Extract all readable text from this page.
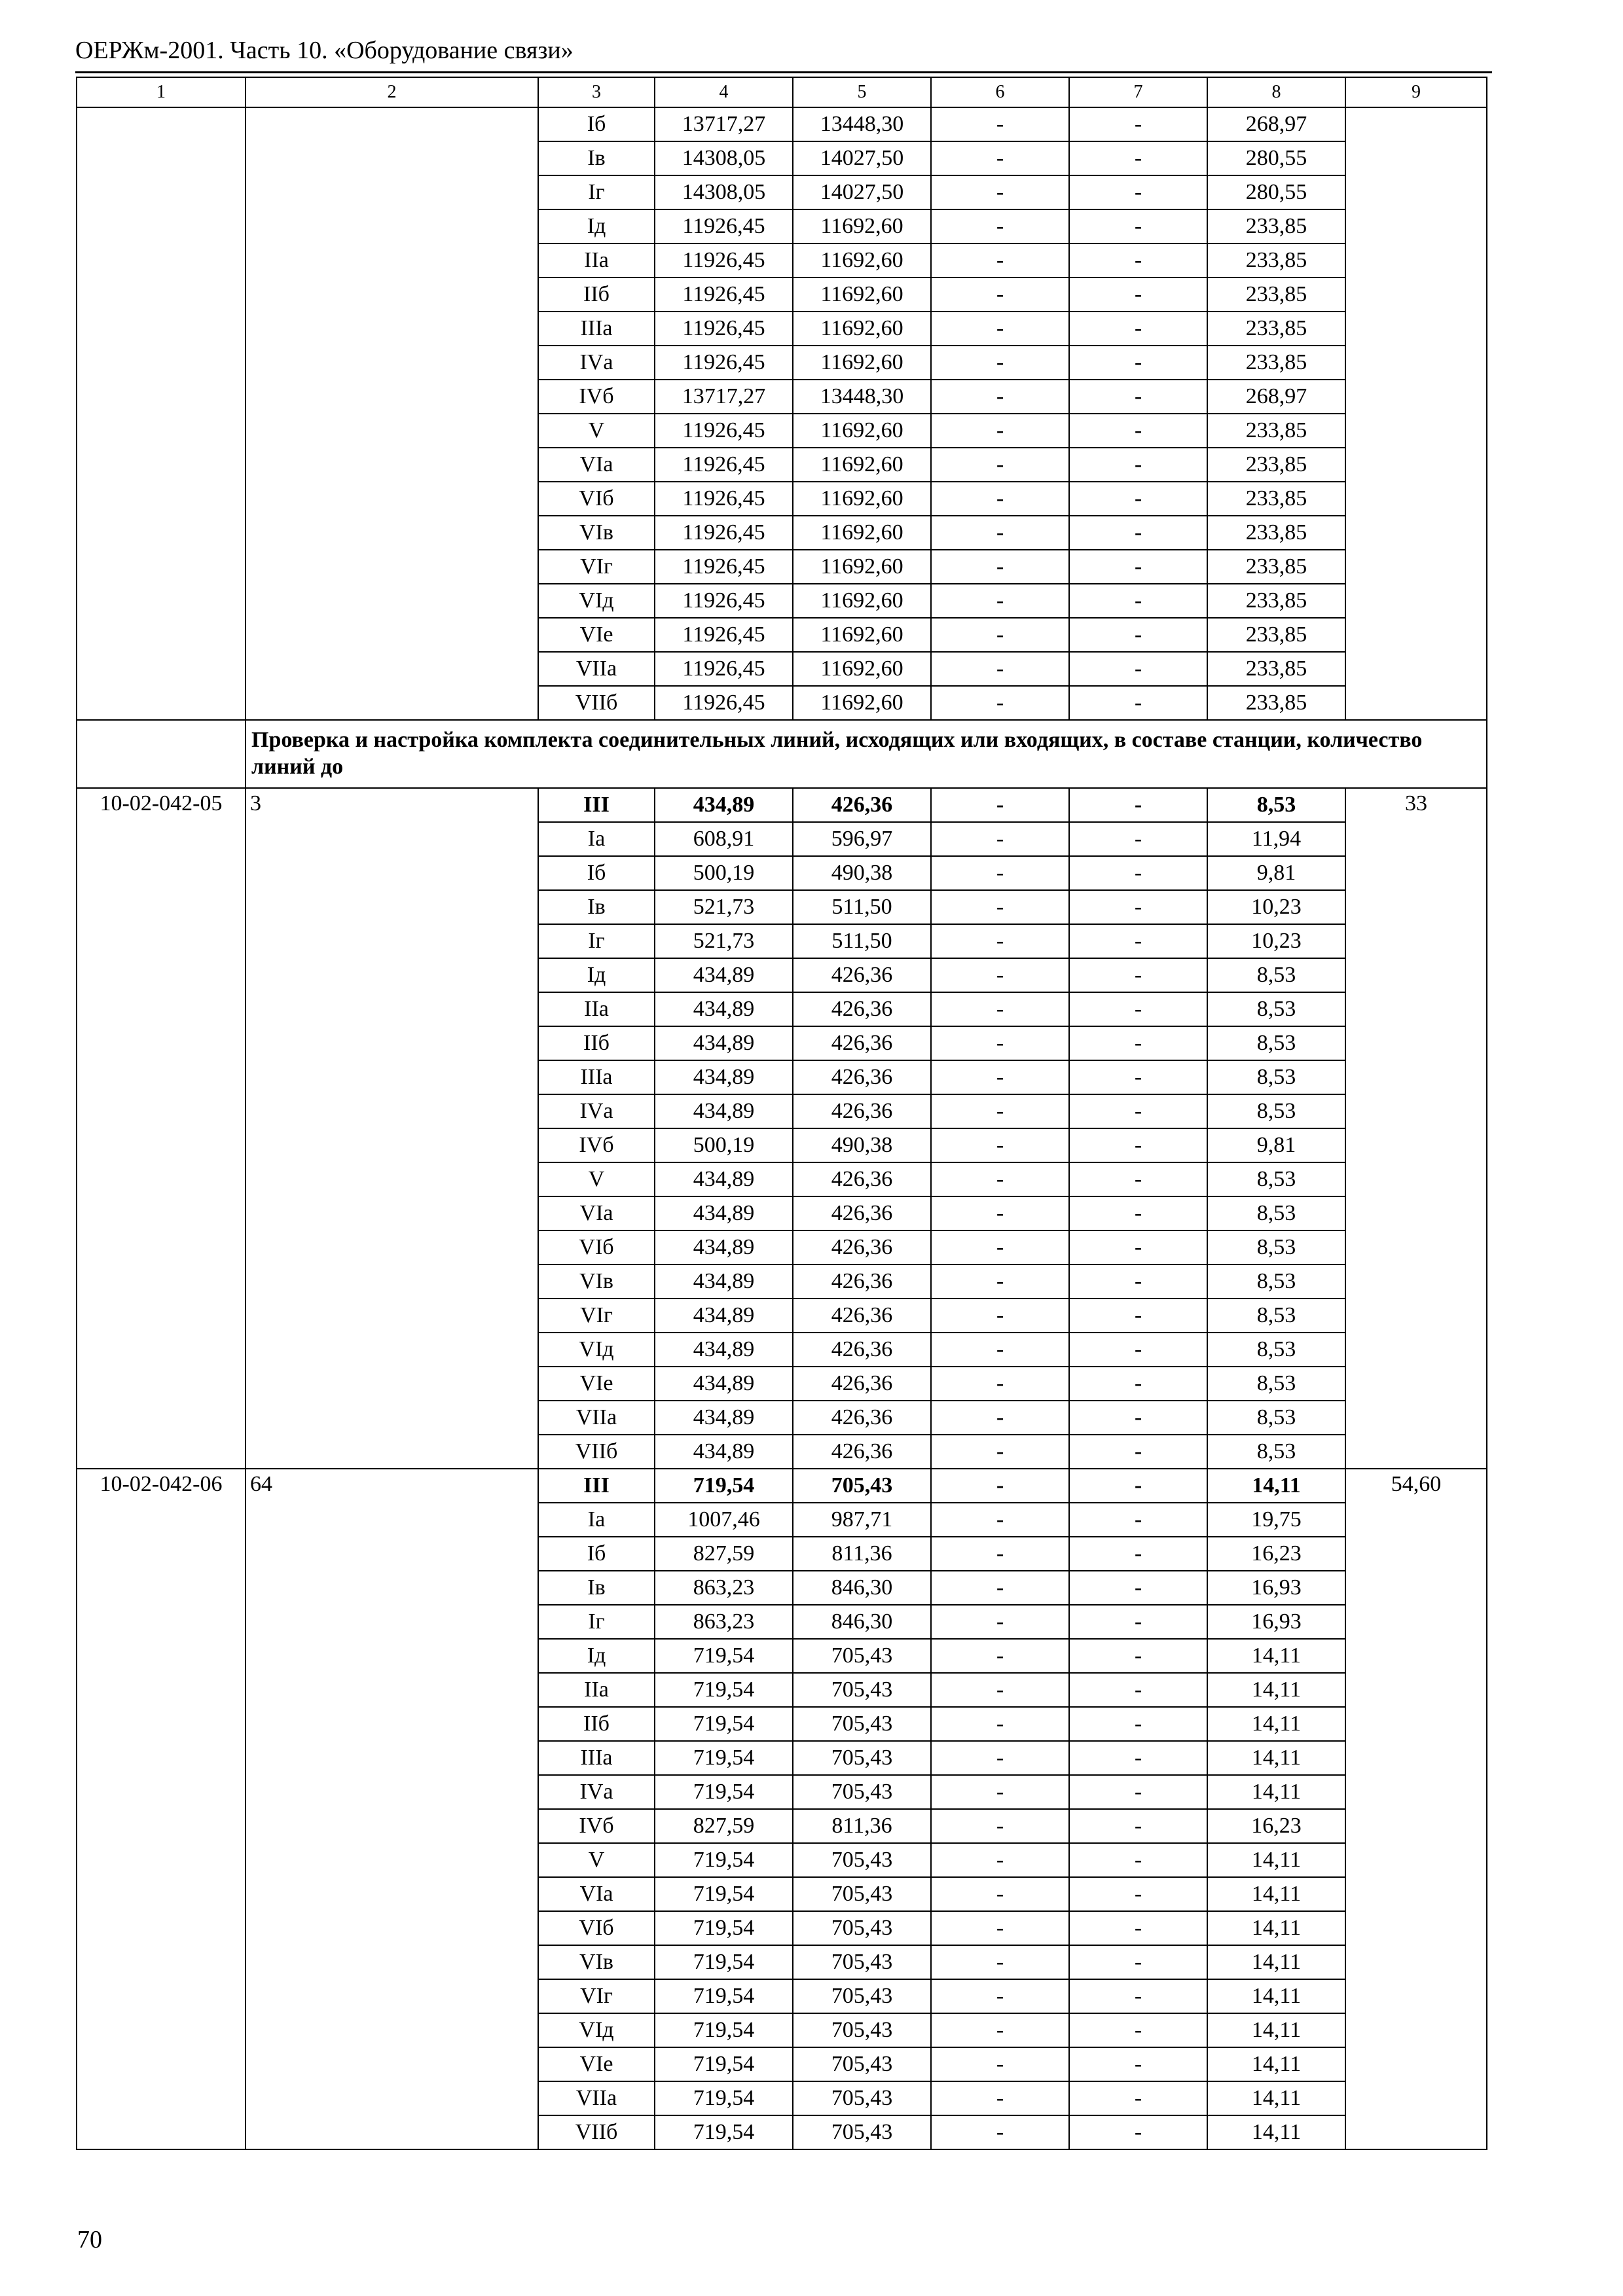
ОЕРЖм-2001. Часть 10. «Оборудование связи»
1	2	3	4	5	6	7	8	9
		Iб	13717,27	13448,30	-	-	268,97	
		Iв	14308,05	14027,50	-	-	280,55	
		Iг	14308,05	14027,50	-	-	280,55	
		Iд	11926,45	11692,60	-	-	233,85	
		IIа	11926,45	11692,60	-	-	233,85	
		IIб	11926,45	11692,60	-	-	233,85	
		IIIа	11926,45	11692,60	-	-	233,85	
		IVа	11926,45	11692,60	-	-	233,85	
		IVб	13717,27	13448,30	-	-	268,97	
		V	11926,45	11692,60	-	-	233,85	
		VIа	11926,45	11692,60	-	-	233,85	
		VIб	11926,45	11692,60	-	-	233,85	
		VIв	11926,45	11692,60	-	-	233,85	
		VIг	11926,45	11692,60	-	-	233,85	
		VIд	11926,45	11692,60	-	-	233,85	
		VIе	11926,45	11692,60	-	-	233,85	
		VIIа	11926,45	11692,60	-	-	233,85	
		VIIб	11926,45	11692,60	-	-	233,85	
	Проверка и настройка комплекта соединительных линий, исходящих или входящих, в составе станции, количество линий до							
10-02-042-05	3	III	434,89	426,36	-	-	8,53	33
		Iа	608,91	596,97	-	-	11,94	
		Iб	500,19	490,38	-	-	9,81	
		Iв	521,73	511,50	-	-	10,23	
		Iг	521,73	511,50	-	-	10,23	
		Iд	434,89	426,36	-	-	8,53	
		IIа	434,89	426,36	-	-	8,53	
		IIб	434,89	426,36	-	-	8,53	
		IIIа	434,89	426,36	-	-	8,53	
		IVа	434,89	426,36	-	-	8,53	
		IVб	500,19	490,38	-	-	9,81	
		V	434,89	426,36	-	-	8,53	
		VIа	434,89	426,36	-	-	8,53	
		VIб	434,89	426,36	-	-	8,53	
		VIв	434,89	426,36	-	-	8,53	
		VIг	434,89	426,36	-	-	8,53	
		VIд	434,89	426,36	-	-	8,53	
		VIе	434,89	426,36	-	-	8,53	
		VIIа	434,89	426,36	-	-	8,53	
		VIIб	434,89	426,36	-	-	8,53	
10-02-042-06	64	III	719,54	705,43	-	-	14,11	54,60
		Iа	1007,46	987,71	-	-	19,75	
		Iб	827,59	811,36	-	-	16,23	
		Iв	863,23	846,30	-	-	16,93	
		Iг	863,23	846,30	-	-	16,93	
		Iд	719,54	705,43	-	-	14,11	
		IIа	719,54	705,43	-	-	14,11	
		IIб	719,54	705,43	-	-	14,11	
		IIIа	719,54	705,43	-	-	14,11	
		IVа	719,54	705,43	-	-	14,11	
		IVб	827,59	811,36	-	-	16,23	
		V	719,54	705,43	-	-	14,11	
		VIа	719,54	705,43	-	-	14,11	
		VIб	719,54	705,43	-	-	14,11	
		VIв	719,54	705,43	-	-	14,11	
		VIг	719,54	705,43	-	-	14,11	
		VIд	719,54	705,43	-	-	14,11	
		VIе	719,54	705,43	-	-	14,11	
		VIIа	719,54	705,43	-	-	14,11	
		VIIб	719,54	705,43	-	-	14,11	
70
